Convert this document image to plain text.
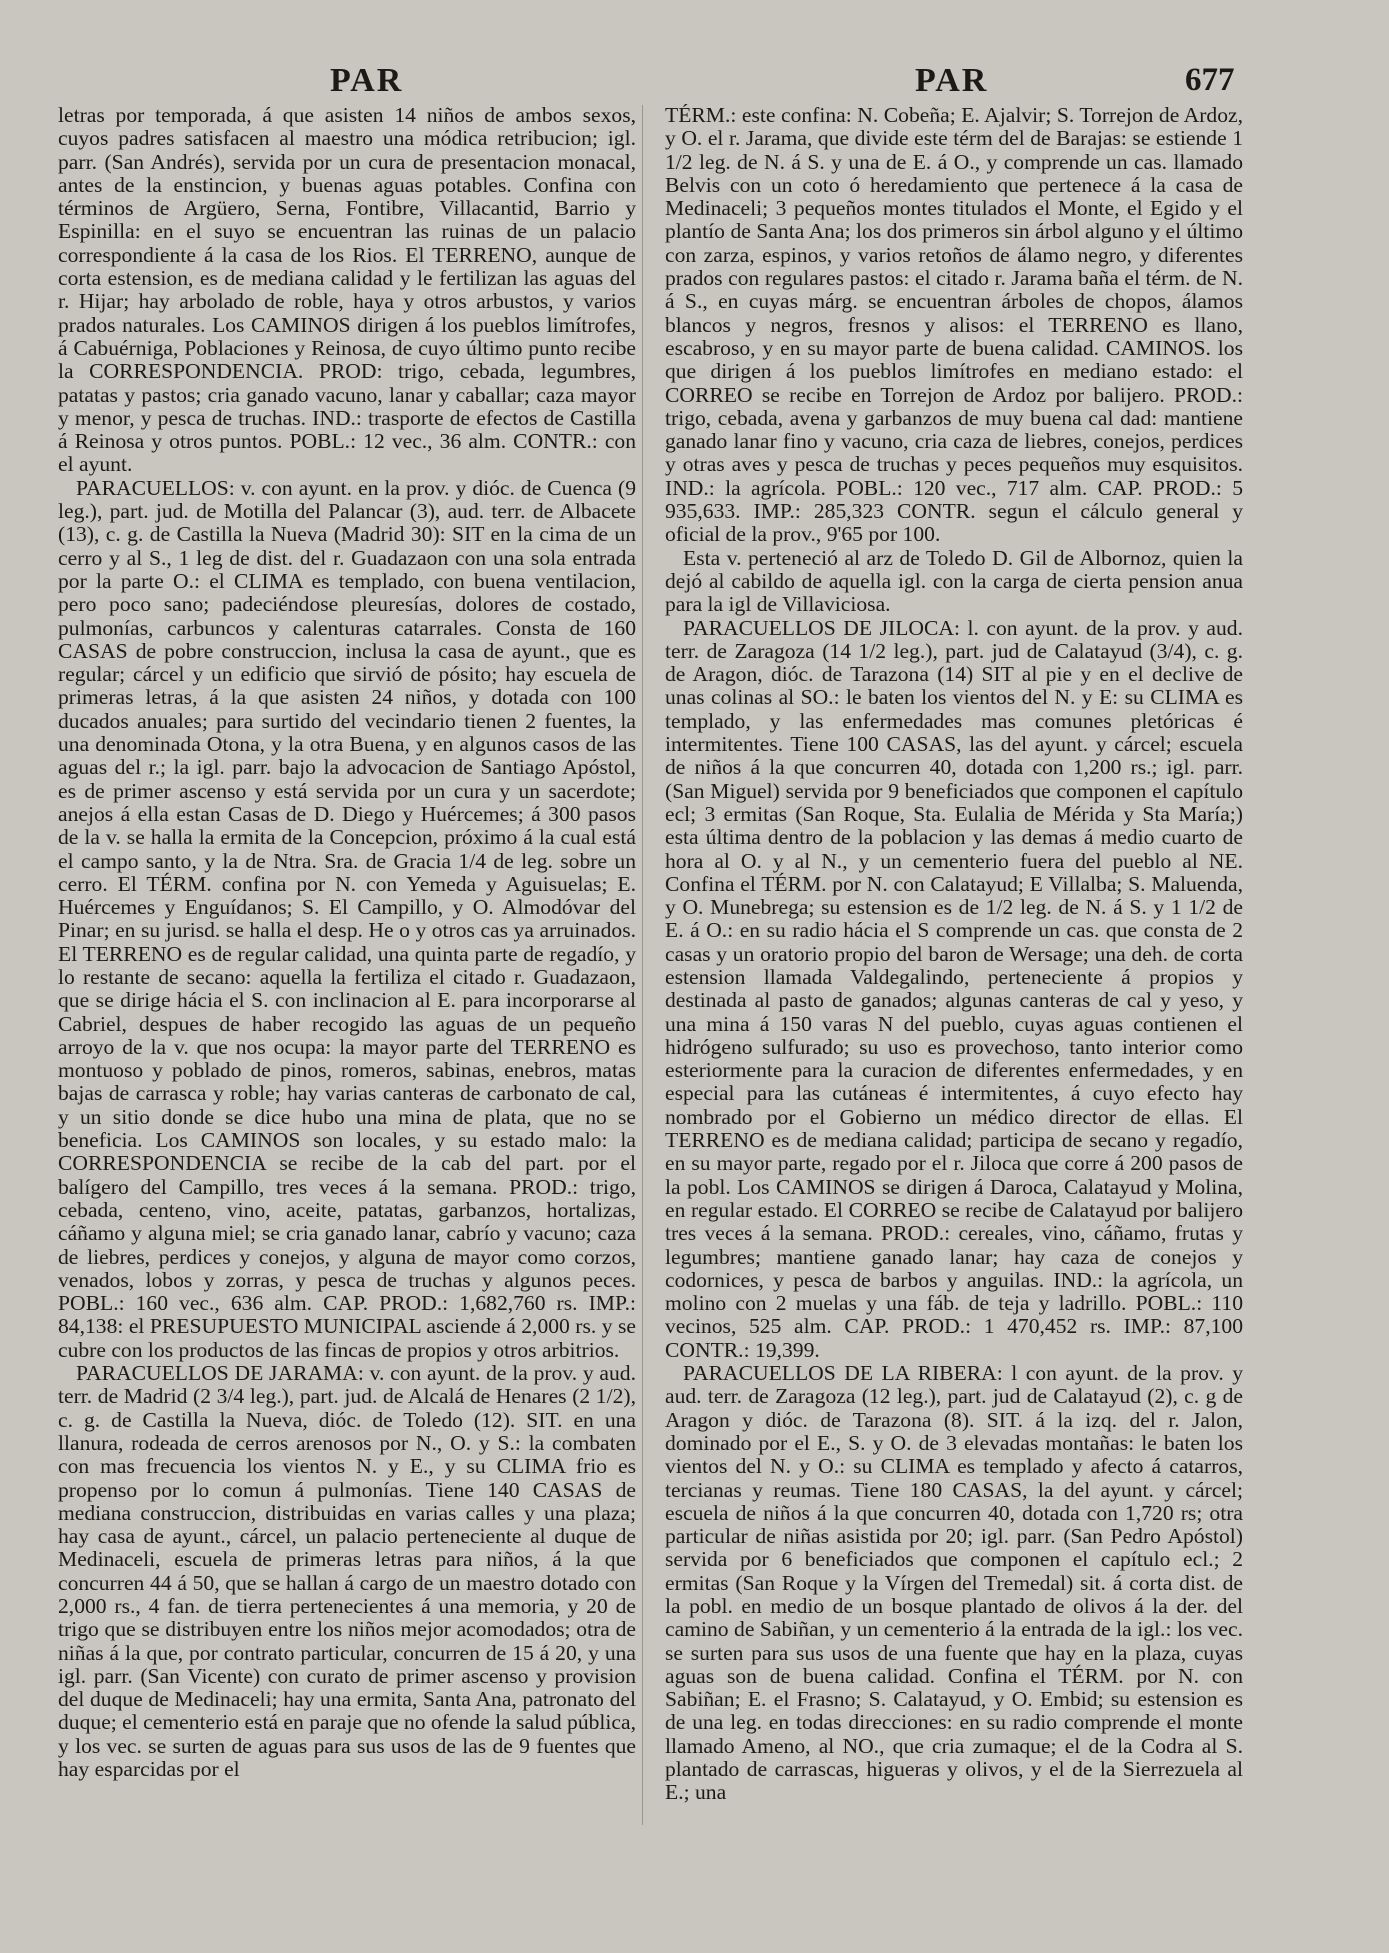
PAR	PAR	677

letras por temporada, á que asisten 14 niños de ambos sexos, cuyos padres satisfacen al maestro una módica retribucion; igl. parr. (San Andrés), servida por un cura de presentacion monacal, antes de la enstincion, y buenas aguas potables. Confina con términos de Argüero, Serna, Fontibre, Villacantid, Barrio y Espinilla: en el suyo se encuentran las ruinas de un palacio correspondiente á la casa de los Rios. El TERRENO, aunque de corta estension, es de mediana calidad y le fertilizan las aguas del r. Hijar; hay arbolado de roble, haya y otros arbustos, y varios prados naturales. Los CAMINOS dirigen á los pueblos limítrofes, á Cabuérniga, Poblaciones y Reinosa, de cuyo último punto recibe la CORRESPONDENCIA. PROD: trigo, cebada, legumbres, patatas y pastos; cria ganado vacuno, lanar y caballar; caza mayor y menor, y pesca de truchas. IND.: trasporte de efectos de Castilla á Reinosa y otros puntos. POBL.: 12 vec., 36 alm. CONTR.: con el ayunt.

PARACUELLOS: v. con ayunt. en la prov. y dióc. de Cuenca (9 leg.), part. jud. de Motilla del Palancar (3), aud. terr. de Albacete (13), c. g. de Castilla la Nueva (Madrid 30): SIT en la cima de un cerro y al S., 1 leg de dist. del r. Guadazaon con una sola entrada por la parte O.: el CLIMA es templado, con buena ventilacion, pero poco sano; padeciéndose pleuresías, dolores de costado, pulmonías, carbuncos y calenturas catarrales. Consta de 160 CASAS de pobre construccion, inclusa la casa de ayunt., que es regular; cárcel y un edificio que sirvió de pósito; hay escuela de primeras letras, á la que asisten 24 niños, y dotada con 100 ducados anuales; para surtido del vecindario tienen 2 fuentes, la una denominada Otona, y la otra Buena, y en algunos casos de las aguas del r.; la igl. parr. bajo la advocacion de Santiago Apóstol, es de primer ascenso y está servida por un cura y un sacerdote; anejos á ella estan Casas de D. Diego y Huércemes; á 300 pasos de la v. se halla la ermita de la Concepcion, próximo á la cual está el campo santo, y la de Ntra. Sra. de Gracia 1/4 de leg. sobre un cerro. El TÉRM. confina por N. con Yemeda y Aguisuelas; E. Huércemes y Enguídanos; S. El Campillo, y O. Almodóvar del Pinar; en su jurisd. se halla el desp. He o y otros cas ya arruinados. El TERRENO es de regular calidad, una quinta parte de regadío, y lo restante de secano: aquella la fertiliza el citado r. Guadazaon, que se dirige hácia el S. con inclinacion al E. para incorporarse al Cabriel, despues de haber recogido las aguas de un pequeño arroyo de la v. que nos ocupa: la mayor parte del TERRENO es montuoso y poblado de pinos, romeros, sabinas, enebros, matas bajas de carrasca y roble; hay varias canteras de carbonato de cal, y un sitio donde se dice hubo una mina de plata, que no se beneficia. Los CAMINOS son locales, y su estado malo: la CORRESPONDENCIA se recibe de la cab del part. por el balígero del Campillo, tres veces á la semana. PROD.: trigo, cebada, centeno, vino, aceite, patatas, garbanzos, hortalizas, cáñamo y alguna miel; se cria ganado lanar, cabrío y vacuno; caza de liebres, perdices y conejos, y alguna de mayor como corzos, venados, lobos y zorras, y pesca de truchas y algunos peces. POBL.: 160 vec., 636 alm. CAP. PROD.: 1,682,760 rs. IMP.: 84,138: el PRESUPUESTO MUNICIPAL asciende á 2,000 rs. y se cubre con los productos de las fincas de propios y otros arbitrios.

PARACUELLOS DE JARAMA: v. con ayunt. de la prov. y aud. terr. de Madrid (2 3/4 leg.), part. jud. de Alcalá de Henares (2 1/2), c. g. de Castilla la Nueva, dióc. de Toledo (12). SIT. en una llanura, rodeada de cerros arenosos por N., O. y S.: la combaten con mas frecuencia los vientos N. y E., y su CLIMA frio es propenso por lo comun á pulmonías. Tiene 140 CASAS de mediana construccion, distribuidas en varias calles y una plaza; hay casa de ayunt., cárcel, un palacio perteneciente al duque de Medinaceli, escuela de primeras letras para niños, á la que concurren 44 á 50, que se hallan á cargo de un maestro dotado con 2,000 rs., 4 fan. de tierra pertenecientes á una memoria, y 20 de trigo que se distribuyen entre los niños mejor acomodados; otra de niñas á la que, por contrato particular, concurren de 15 á 20, y una igl. parr. (San Vicente) con curato de primer ascenso y provision del duque de Medinaceli; hay una ermita, Santa Ana, patronato del duque; el cementerio está en paraje que no ofende la salud pública, y los vec. se surten de aguas para sus usos de las de 9 fuentes que hay esparcidas por el

TÉRM.: este confina: N. Cobeña; E. Ajalvir; S. Torrejon de Ardoz, y O. el r. Jarama, que divide este térm del de Barajas: se estiende 1 1/2 leg. de N. á S. y una de E. á O., y comprende un cas. llamado Belvis con un coto ó heredamiento que pertenece á la casa de Medinaceli; 3 pequeños montes titulados el Monte, el Egido y el plantío de Santa Ana; los dos primeros sin árbol alguno y el último con zarza, espinos, y varios retoños de álamo negro, y diferentes prados con regulares pastos: el citado r. Jarama baña el térm. de N. á S., en cuyas márg. se encuentran árboles de chopos, álamos blancos y negros, fresnos y alisos: el TERRENO es llano, escabroso, y en su mayor parte de buena calidad. CAMINOS. los que dirigen á los pueblos limítrofes en mediano estado: el CORREO se recibe en Torrejon de Ardoz por balijero. PROD.: trigo, cebada, avena y garbanzos de muy buena cal dad: mantiene ganado lanar fino y vacuno, cria caza de liebres, conejos, perdices y otras aves y pesca de truchas y peces pequeños muy esquisitos. IND.: la agrícola. POBL.: 120 vec., 717 alm. CAP. PROD.: 5 935,633. IMP.: 285,323 CONTR. segun el cálculo general y oficial de la prov., 9'65 por 100.

Esta v. perteneció al arz de Toledo D. Gil de Albornoz, quien la dejó al cabildo de aquella igl. con la carga de cierta pension anua para la igl de Villaviciosa.

PARACUELLOS DE JILOCA: l. con ayunt. de la prov. y aud. terr. de Zaragoza (14 1/2 leg.), part. jud de Calatayud (3/4), c. g. de Aragon, dióc. de Tarazona (14) SIT al pie y en el declive de unas colinas al SO.: le baten los vientos del N. y E: su CLIMA es templado, y las enfermedades mas comunes pletóricas é intermitentes. Tiene 100 CASAS, las del ayunt. y cárcel; escuela de niños á la que concurren 40, dotada con 1,200 rs.; igl. parr. (San Miguel) servida por 9 beneficiados que componen el capítulo ecl; 3 ermitas (San Roque, Sta. Eulalia de Mérida y Sta María;) esta última dentro de la poblacion y las demas á medio cuarto de hora al O. y al N., y un cementerio fuera del pueblo al NE. Confina el TÉRM. por N. con Calatayud; E Villalba; S. Maluenda, y O. Munebrega; su estension es de 1/2 leg. de N. á S. y 1 1/2 de E. á O.: en su radio hácia el S comprende un cas. que consta de 2 casas y un oratorio propio del baron de Wersage; una deh. de corta estension llamada Valdegalindo, perteneciente á propios y destinada al pasto de ganados; algunas canteras de cal y yeso, y una mina á 150 varas N del pueblo, cuyas aguas contienen el hidrógeno sulfurado; su uso es provechoso, tanto interior como esteriormente para la curacion de diferentes enfermedades, y en especial para las cutáneas é intermitentes, á cuyo efecto hay nombrado por el Gobierno un médico director de ellas. El TERRENO es de mediana calidad; participa de secano y regadío, en su mayor parte, regado por el r. Jiloca que corre á 200 pasos de la pobl. Los CAMINOS se dirigen á Daroca, Calatayud y Molina, en regular estado. El CORREO se recibe de Calatayud por balijero tres veces á la semana. PROD.: cereales, vino, cáñamo, frutas y legumbres; mantiene ganado lanar; hay caza de conejos y codornices, y pesca de barbos y anguilas. IND.: la agrícola, un molino con 2 muelas y una fáb. de teja y ladrillo. POBL.: 110 vecinos, 525 alm. CAP. PROD.: 1 470,452 rs. IMP.: 87,100 CONTR.: 19,399.

PARACUELLOS DE LA RIBERA: l con ayunt. de la prov. y aud. terr. de Zaragoza (12 leg.), part. jud de Calatayud (2), c. g de Aragon y dióc. de Tarazona (8). SIT. á la izq. del r. Jalon, dominado por el E., S. y O. de 3 elevadas montañas: le baten los vientos del N. y O.: su CLIMA es templado y afecto á catarros, tercianas y reumas. Tiene 180 CASAS, la del ayunt. y cárcel; escuela de niños á la que concurren 40, dotada con 1,720 rs; otra particular de niñas asistida por 20; igl. parr. (San Pedro Apóstol) servida por 6 beneficiados que componen el capítulo ecl.; 2 ermitas (San Roque y la Vírgen del Tremedal) sit. á corta dist. de la pobl. en medio de un bosque plantado de olivos á la der. del camino de Sabiñan, y un cementerio á la entrada de la igl.: los vec. se surten para sus usos de una fuente que hay en la plaza, cuyas aguas son de buena calidad. Confina el TÉRM. por N. con Sabiñan; E. el Frasno; S. Calatayud, y O. Embid; su estension es de una leg. en todas direcciones: en su radio comprende el monte llamado Ameno, al NO., que cria zumaque; el de la Codra al S. plantado de carrascas, higueras y olivos, y el de la Sierrezuela al E.; una
